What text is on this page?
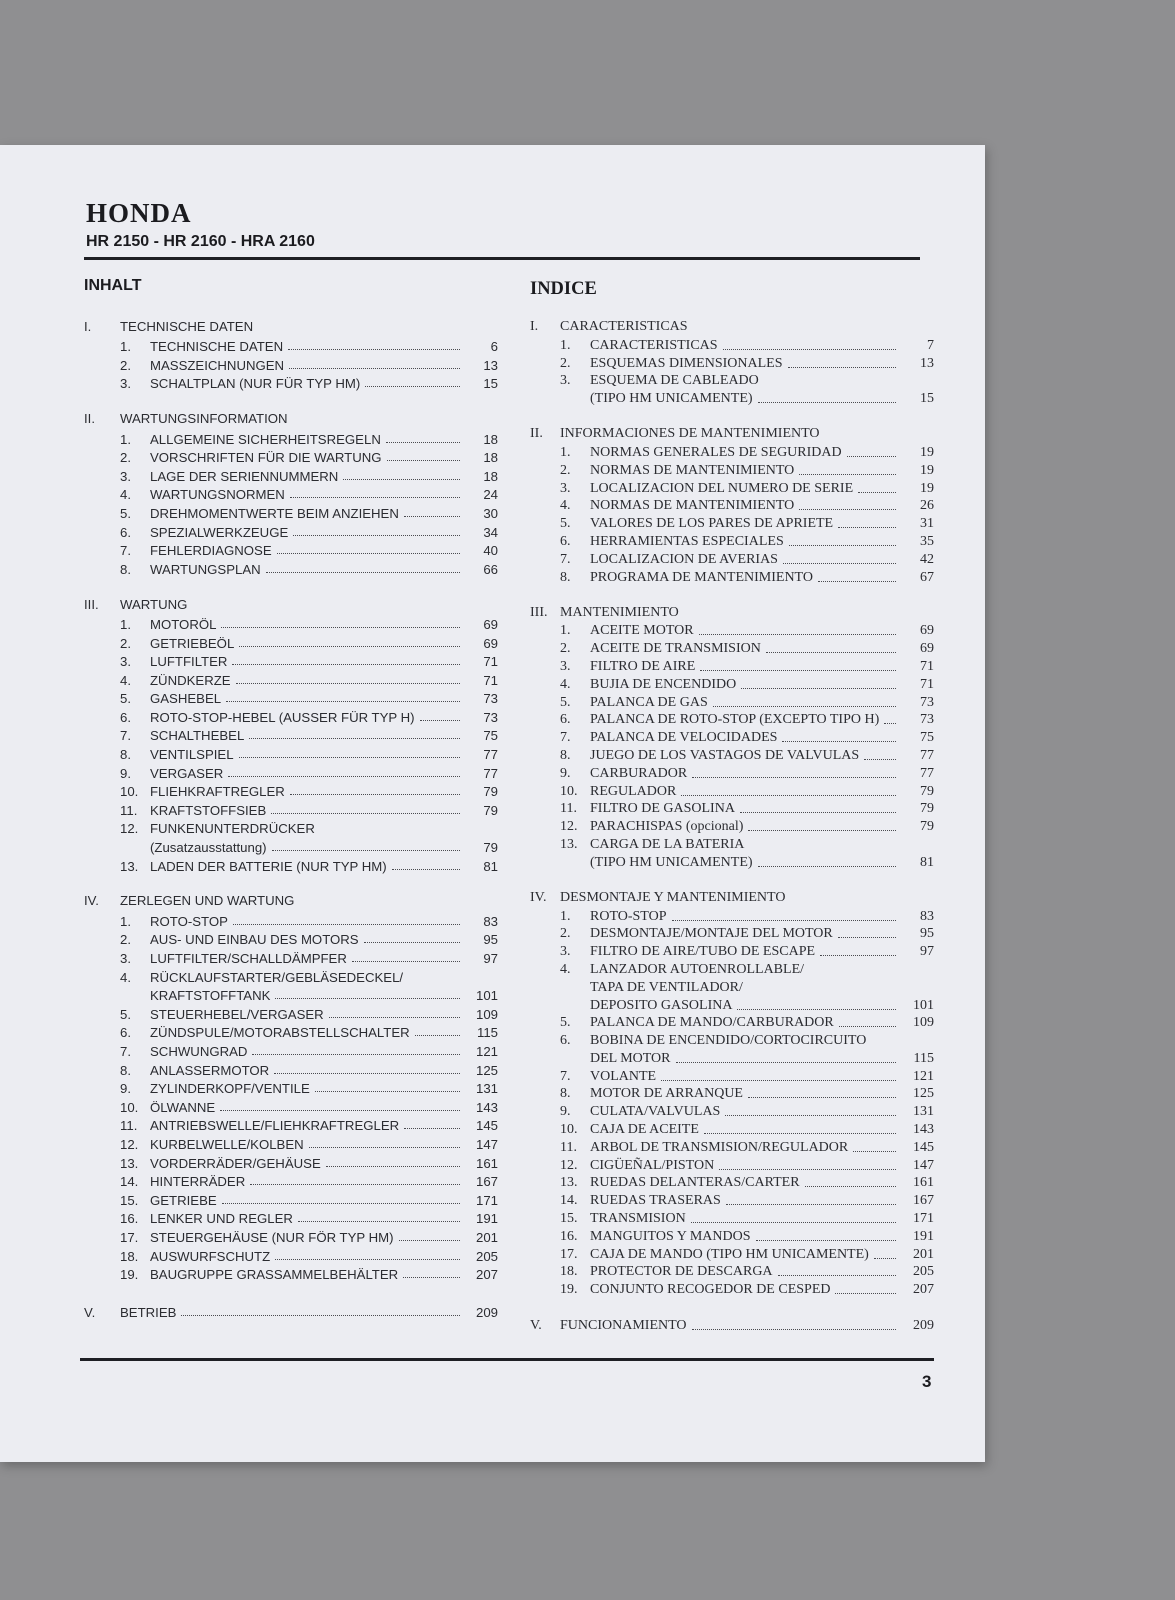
HONDA
HR 2150 - HR 2160 - HRA 2160
INHALT
I.	TECHNISCHE DATEN
1.	TECHNISCHE DATEN	6
2.	MASSZEICHNUNGEN	13
3.	SCHALTPLAN (NUR FÜR TYP HM)	15
II.	WARTUNGSINFORMATION
1.	ALLGEMEINE SICHERHEITSREGELN	18
2.	VORSCHRIFTEN FÜR DIE WARTUNG	18
3.	LAGE DER SERIENNUMMERN	18
4.	WARTUNGSNORMEN	24
5.	DREHMOMENTWERTE BEIM ANZIEHEN	30
6.	SPEZIALWERKZEUGE	34
7.	FEHLERDIAGNOSE	40
8.	WARTUNGSPLAN	66
III.	WARTUNG
1.	MOTORÖL	69
2.	GETRIEBEÖL	69
3.	LUFTFILTER	71
4.	ZÜNDKERZE	71
5.	GASHEBEL	73
6.	ROTO-STOP-HEBEL (AUSSER FÜR TYP H)	73
7.	SCHALTHEBEL	75
8.	VENTILSPIEL	77
9.	VERGASER	77
10. FLIEHKRAFTREGLER	79
11. KRAFTSTOFFSIEB	79
12. FUNKENUNTERDRÜCKER
(Zusatzausstattung)	79
13. LADEN DER BATTERIE (NUR TYP HM)	81
IV.	ZERLEGEN UND WARTUNG
1.	ROTO-STOP	83
2.	AUS- UND EINBAU DES MOTORS	95
3.	LUFTFILTER/SCHALLDÄMPFER	97
4.	RÜCKLAUFSTARTER/GEBLÄSEDECKEL/
KRAFTSTOFFTANK	101
5.	STEUERHEBEL/VERGASER	109
6.	ZÜNDSPULE/MOTORABSTELLSCHALTER	115
7.	SCHWUNGRAD	121
8.	ANLASSERMOTOR	125
9.	ZYLINDERKOPF/VENTILE	131
10. ÖLWANNE	143
11. ANTRIEBSWELLE/FLIEHKRAFTREGLER	145
12. KURBELWELLE/KOLBEN	147
13. VORDERRÄDER/GEHÄUSE	161
14. HINTERRÄDER	167
15. GETRIEBE	171
16. LENKER UND REGLER	191
17. STEUERGEHÄUSE (NUR FÖR TYP HM)	201
18. AUSWURFSCHUTZ	205
19. BAUGRUPPE GRASSAMMELBEHÄLTER	207
V.	BETRIEB	209
INDICE
I.	CARACTERISTICAS
1.	CARACTERISTICAS	7
2.	ESQUEMAS DIMENSIONALES	13
3.	ESQUEMA DE CABLEADO
(TIPO HM UNICAMENTE)	15
II.	INFORMACIONES DE MANTENIMIENTO
1.	NORMAS GENERALES DE SEGURIDAD	19
2.	NORMAS DE MANTENIMIENTO	19
3.	LOCALIZACION DEL NUMERO DE SERIE	19
4.	NORMAS DE MANTENIMIENTO	26
5.	VALORES DE LOS PARES DE APRIETE	31
6.	HERRAMIENTAS ESPECIALES	35
7.	LOCALIZACION DE AVERIAS	42
8.	PROGRAMA DE MANTENIMIENTO	67
III. MANTENIMIENTO
1.	ACEITE MOTOR	69
2.	ACEITE DE TRANSMISION	69
3.	FILTRO DE AIRE	71
4.	BUJIA DE ENCENDIDO	71
5.	PALANCA DE GAS	73
6.	PALANCA DE ROTO-STOP (EXCEPTO TIPO H)	73
7.	PALANCA DE VELOCIDADES	75
8.	JUEGO DE LOS VASTAGOS DE VALVULAS	77
9.	CARBURADOR	77
10. REGULADOR	79
11. FILTRO DE GASOLINA	79
12. PARACHISPAS (opcional)	79
13. CARGA DE LA BATERIA
(TIPO HM UNICAMENTE)	81
IV. DESMONTAJE Y MANTENIMIENTO
1.	ROTO-STOP	83
2.	DESMONTAJE/MONTAJE DEL MOTOR	95
3.	FILTRO DE AIRE/TUBO DE ESCAPE	97
4.	LANZADOR AUTOENROLLABLE/
TAPA DE VENTILADOR/
DEPOSITO GASOLINA	101
5.	PALANCA DE MANDO/CARBURADOR	109
6.	BOBINA DE ENCENDIDO/CORTOCIRCUITO
DEL MOTOR	115
7.	VOLANTE	121
8.	MOTOR DE ARRANQUE	125
9.	CULATA/VALVULAS	131
10. CAJA DE ACEITE	143
11. ARBOL DE TRANSMISION/REGULADOR	145
12. CIGÜEÑAL/PISTON	147
13. RUEDAS DELANTERAS/CARTER	161
14. RUEDAS TRASERAS	167
15. TRANSMISION	171
16. MANGUITOS Y MANDOS	191
17. CAJA DE MANDO (TIPO HM UNICAMENTE)	201
18. PROTECTOR DE DESCARGA	205
19. CONJUNTO RECOGEDOR DE CESPED	207
V.	FUNCIONAMIENTO	209
3
